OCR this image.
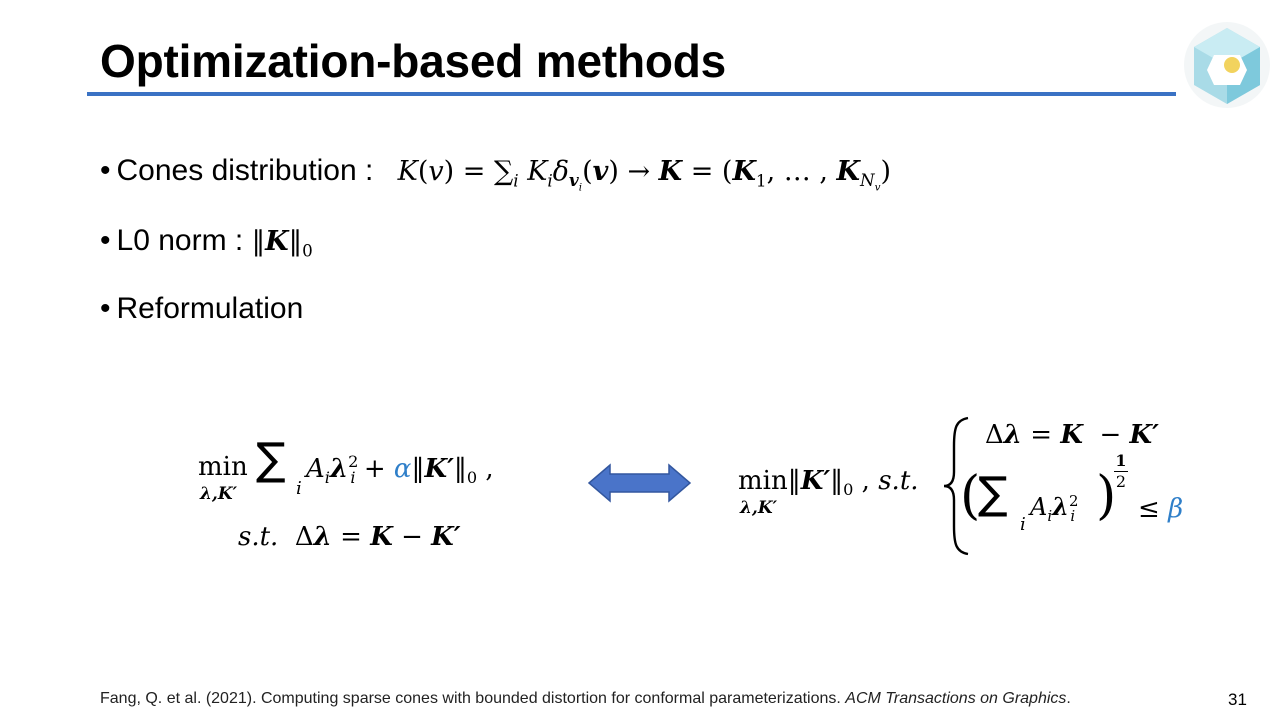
Optimization-based methods
• Cones distribution : $K(v) = \sum_i$ $K_i\delta_{v_i}(v) \to K = (K_1$, … , $K_{N_v}$)
• L0 norm : $‖K‖_0$
• Reformulation
min
λ,K′
∑
i
$A_i\lambda^2_i$ + $\alpha‖K'‖_0$ ,
s.t.  Δλ = K − K′
$\min‖K'‖_0$ , s.t.
λ,K′
Δλ = K  − K′
(
∑
i
$A_i\lambda^2_i$ )
1
2
≤ β
Fang, Q. et al. (2021). Computing sparse cones with bounded distortion for conformal parameterizations. ACM Transactions on Graphics.	31
